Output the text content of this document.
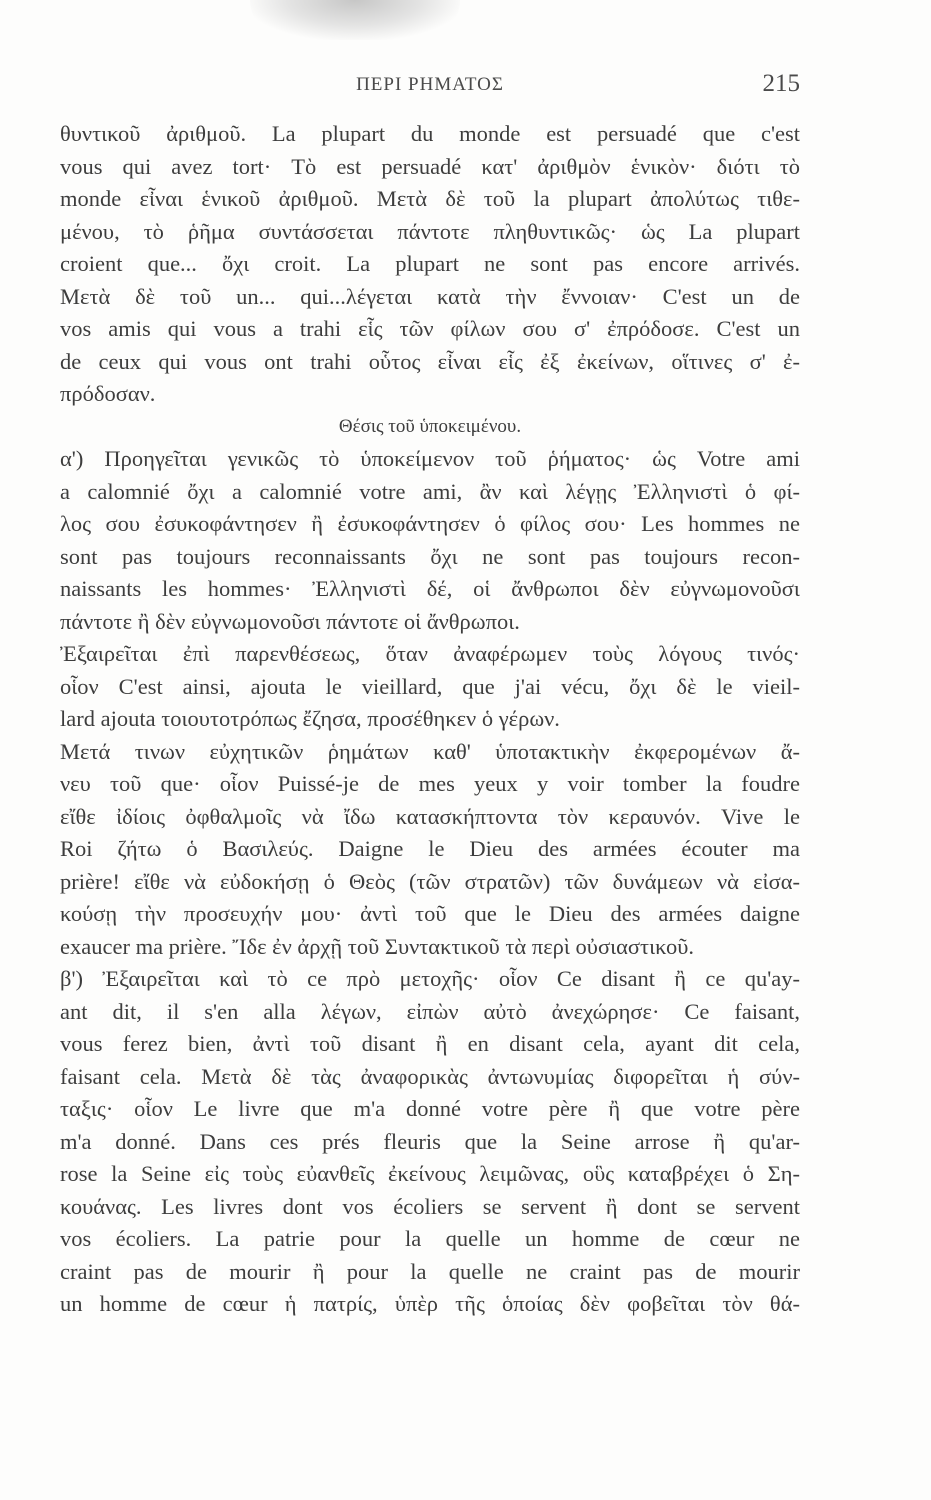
ΠΕΡΙ ΡΗΜΑΤΟΣ	215
θυντικοῦ ἀριθμοῦ. La plupart du monde est persuadé que c'est
vous qui avez tort· Τὸ est persuadé κατ' ἀριθμὸν ἑνικὸν· διότι τὸ
monde εἶναι ἑνικοῦ ἀριθμοῦ. Μετὰ δὲ τοῦ la plupart ἀπολύτως τιθε-
μένου, τὸ ῥῆμα συντάσσεται πάντοτε πληθυντικῶς· ὡς La plupart
croient que... ὄχι croit. La plupart ne sont pas encore arrivés.
Μετὰ δὲ τοῦ un... qui...λέγεται κατὰ τὴν ἔννοιαν· C'est un de
vos amis qui vous a trahi εἷς τῶν φίλων σου σ' ἐπρόδοσε. C'est un
de ceux qui vous ont trahi οὗτος εἶναι εἷς ἐξ ἐκείνων, οἵτινες σ' ἐ-
πρόδοσαν.
Θέσις τοῦ ὑποκειμένου.
α') Προηγεῖται γενικῶς τὸ ὑποκείμενον τοῦ ῥήματος· ὡς Votre ami
a calomnié ὄχι a calomnié votre ami, ἂν καὶ λέγῃς Ἐλληνιστὶ ὁ φί-
λος σου ἐσυκοφάντησεν ἢ ἐσυκοφάντησεν ὁ φίλος σου· Les hommes ne
sont pas toujours reconnaissants ὄχι ne sont pas toujours recon-
naissants les hommes· Ἐλληνιστὶ δέ, οἱ ἄνθρωποι δὲν εὐγνωμονοῦσι
πάντοτε ἢ δὲν εὐγνωμονοῦσι πάντοτε οἱ ἄνθρωποι.
Ἐξαιρεῖται ἐπὶ παρενθέσεως, ὅταν ἀναφέρωμεν τοὺς λόγους τινός·
οἷον C'est ainsi, ajouta le vieillard, que j'ai vécu, ὄχι δὲ le vieil-
lard ajouta τοιουτοτρόπως ἔζησα, προσέθηκεν ὁ γέρων.
Μετά τινων εὐχητικῶν ῥημάτων καθ' ὑποτακτικὴν ἐκφερομένων ἄ-
νευ τοῦ que· οἷον Puissé-je de mes yeux y voir tomber la foudre
εἴθε ἰδίοις ὀφθαλμοῖς νὰ ἴδω κατασκήπτοντα τὸν κεραυνόν. Vive le
Roi ζήτω ὁ Βασιλεύς. Daigne le Dieu des armées écouter ma
prière! εἴθε νὰ εὐδοκήσῃ ὁ Θεὸς (τῶν στρατῶν) τῶν δυνάμεων νὰ εἰσα-
κούσῃ τὴν προσευχήν μου· ἀντὶ τοῦ que le Dieu des armées daigne
exaucer ma prière. Ἴδε ἐν ἀρχῇ τοῦ Συντακτικοῦ τὰ περὶ οὐσιαστικοῦ.
β') Ἐξαιρεῖται καὶ τὸ ce πρὸ μετοχῆς· οἷον Ce disant ἢ ce qu'ay-
ant dit, il s'en alla λέγων, εἰπὼν αὐτὸ ἀνεχώρησε· Ce faisant,
vous ferez bien, ἀντὶ τοῦ disant ἢ en disant cela, ayant dit cela,
faisant cela. Μετὰ δὲ τὰς ἀναφορικὰς ἀντωνυμίας διφορεῖται ἡ σύν-
ταξις· οἷον Le livre que m'a donné votre père ἢ que votre père
m'a donné. Dans ces prés fleuris que la Seine arrose ἢ qu'ar-
rose la Seine εἰς τοὺς εὐανθεῖς ἐκείνους λειμῶνας, οὓς καταβρέχει ὁ Ση-
κουάνας. Les livres dont vos écoliers se servent ἢ dont se servent
vos écoliers. La patrie pour la quelle un homme de cœur ne
craint pas de mourir ἢ pour la quelle ne craint pas de mourir
un homme de cœur ἡ πατρίς, ὑπὲρ τῆς ὁποίας δὲν φοβεῖται τὸν θά-
